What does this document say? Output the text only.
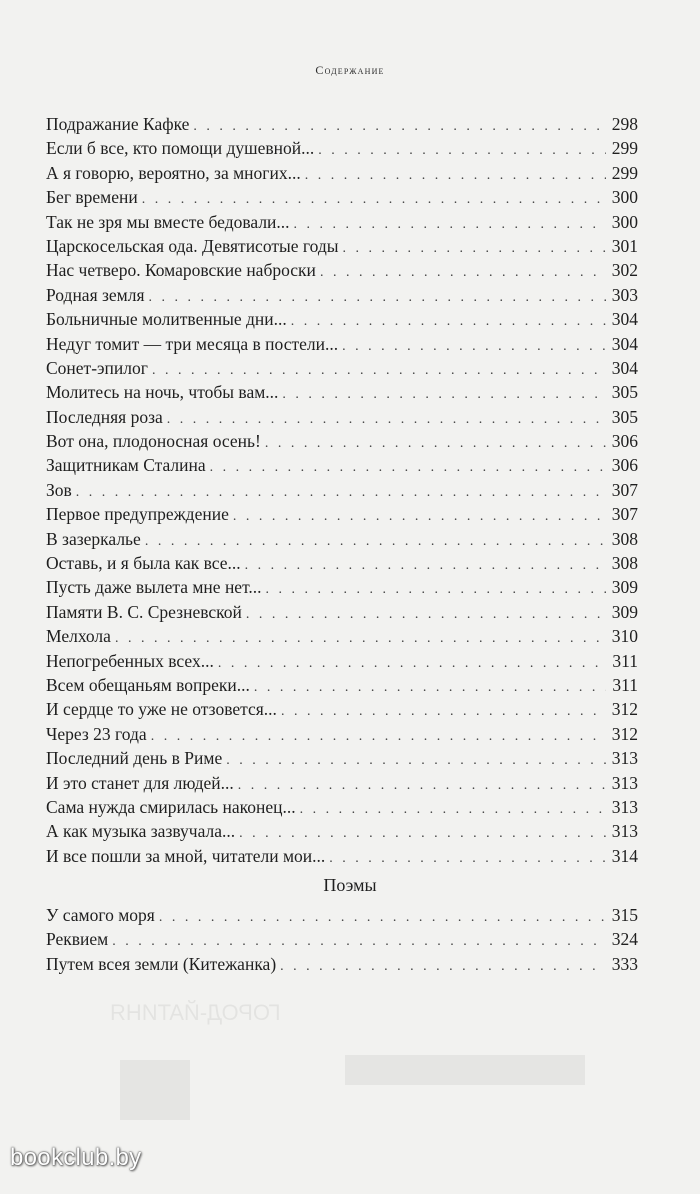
ГОРОД-ЙАТИНЯ
Содержание
Подражание Кафке . . .	298
Если б все, кто помощи душевной... . . .	299
А я говорю, вероятно, за многих... . . .	299
Бег времени . . .	300
Так не зря мы вместе бедовали... . . .	300
Царскосельская ода. Девятисотые годы . . .	301
Нас четверо. Комаровские наброски . . .	302
Родная земля . . .	303
Больничные молитвенные дни... . . .	304
Недуг томит — три месяца в постели... . . .	304
Сонет-эпилог . . .	304
Молитесь на ночь, чтобы вам... . . .	305
Последняя роза . . .	305
Вот она, плодоносная осень! . . .	306
Защитникам Сталина . . .	306
Зов . . .	307
Первое предупреждение . . .	307
В зазеркалье . . .	308
Оставь, и я была как все... . . .	308
Пусть даже вылета мне нет... . . .	309
Памяти В. С. Срезневской . . .	309
Мелхола . . .	310
Непогребенных всех... . . .	311
Всем обещаньям вопреки... . . .	311
И сердце то уже не отзовется... . . .	312
Через 23 года . . .	312
Последний день в Риме . . .	313
И это станет для людей... . . .	313
Сама нужда смирилась наконец... . . .	313
А как музыка зазвучала... . . .	313
И все пошли за мной, читатели мои... . . .	314
Поэмы
У самого моря . . .	315
Реквием . . .	324
Путем всея земли (Китежанка) . . .	333
bookclub.by
